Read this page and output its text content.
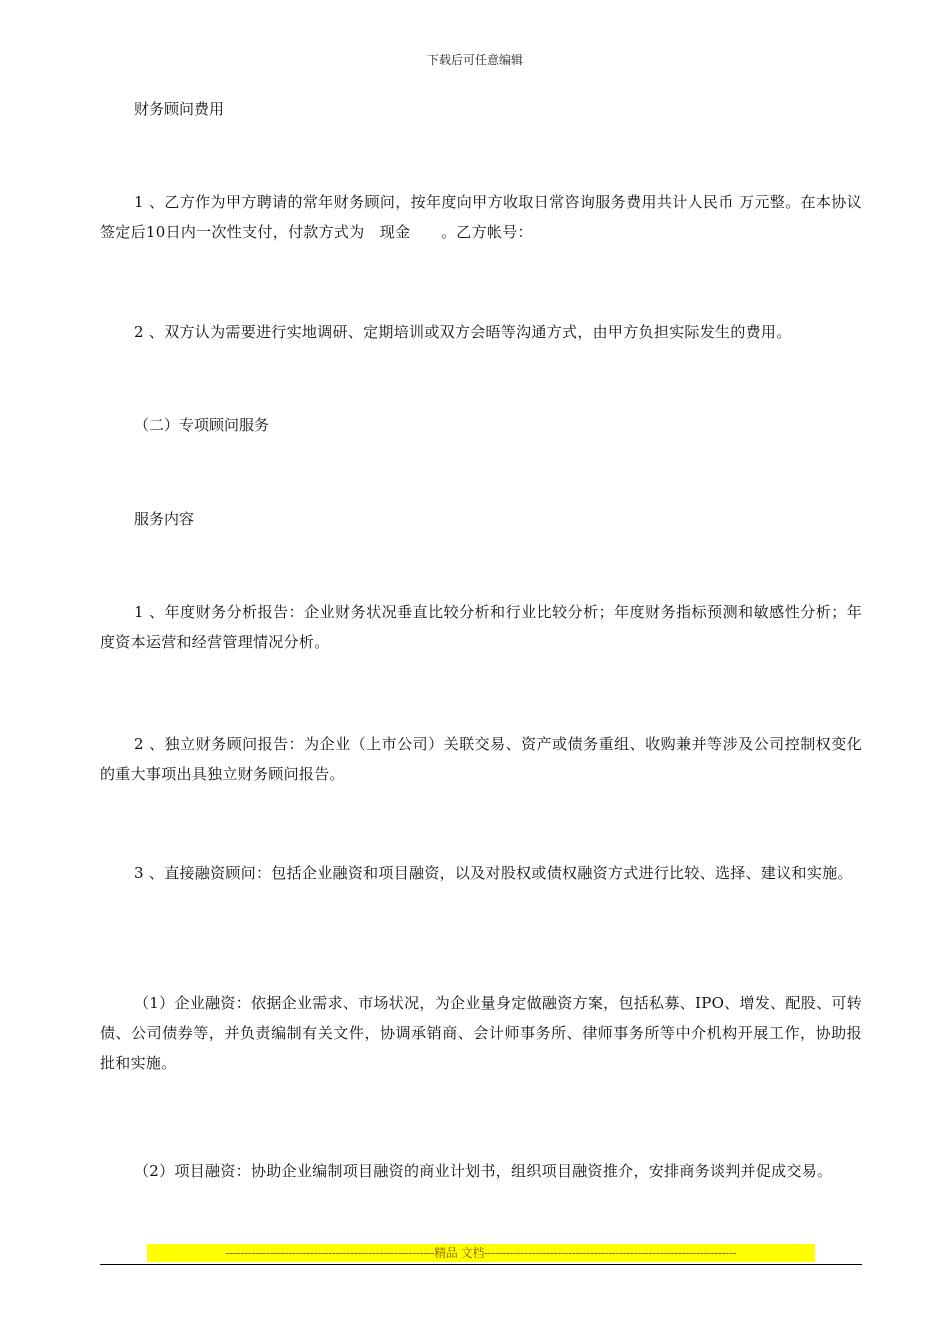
下载后可任意编辑
财务顾问费用
1 、乙方作为甲方聘请的常年财务顾问，按年度向甲方收取日常咨询服务费用共计人民币 万元整。在本协议签定后10日内一次性支付，付款方式为　现金　　。乙方帐号：
2 、双方认为需要进行实地调研、定期培训或双方会晤等沟通方式，由甲方负担实际发生的费用。
（二）专项顾问服务
服务内容
1 、年度财务分析报告：企业财务状况垂直比较分析和行业比较分析；年度财务指标预测和敏感性分析；年度资本运营和经营管理情况分析。
2 、独立财务顾问报告：为企业（上市公司）关联交易、资产或债务重组、收购兼并等涉及公司控制权变化的重大事项出具独立财务顾问报告。
3 、直接融资顾问：包括企业融资和项目融资，以及对股权或债权融资方式进行比较、选择、建议和实施。
（1）企业融资：依据企业需求、市场状况，为企业量身定做融资方案，包括私募、IPO、增发、配股、可转债、公司债券等，并负责编制有关文件，协调承销商、会计师事务所、律师事务所等中介机构开展工作，协助报批和实施。
（2）项目融资：协助企业编制项目融资的商业计划书，组织项目融资推介，安排商务谈判并促成交易。
---------------------------------------------------------精品 文档---------------------------------------------------------------------
